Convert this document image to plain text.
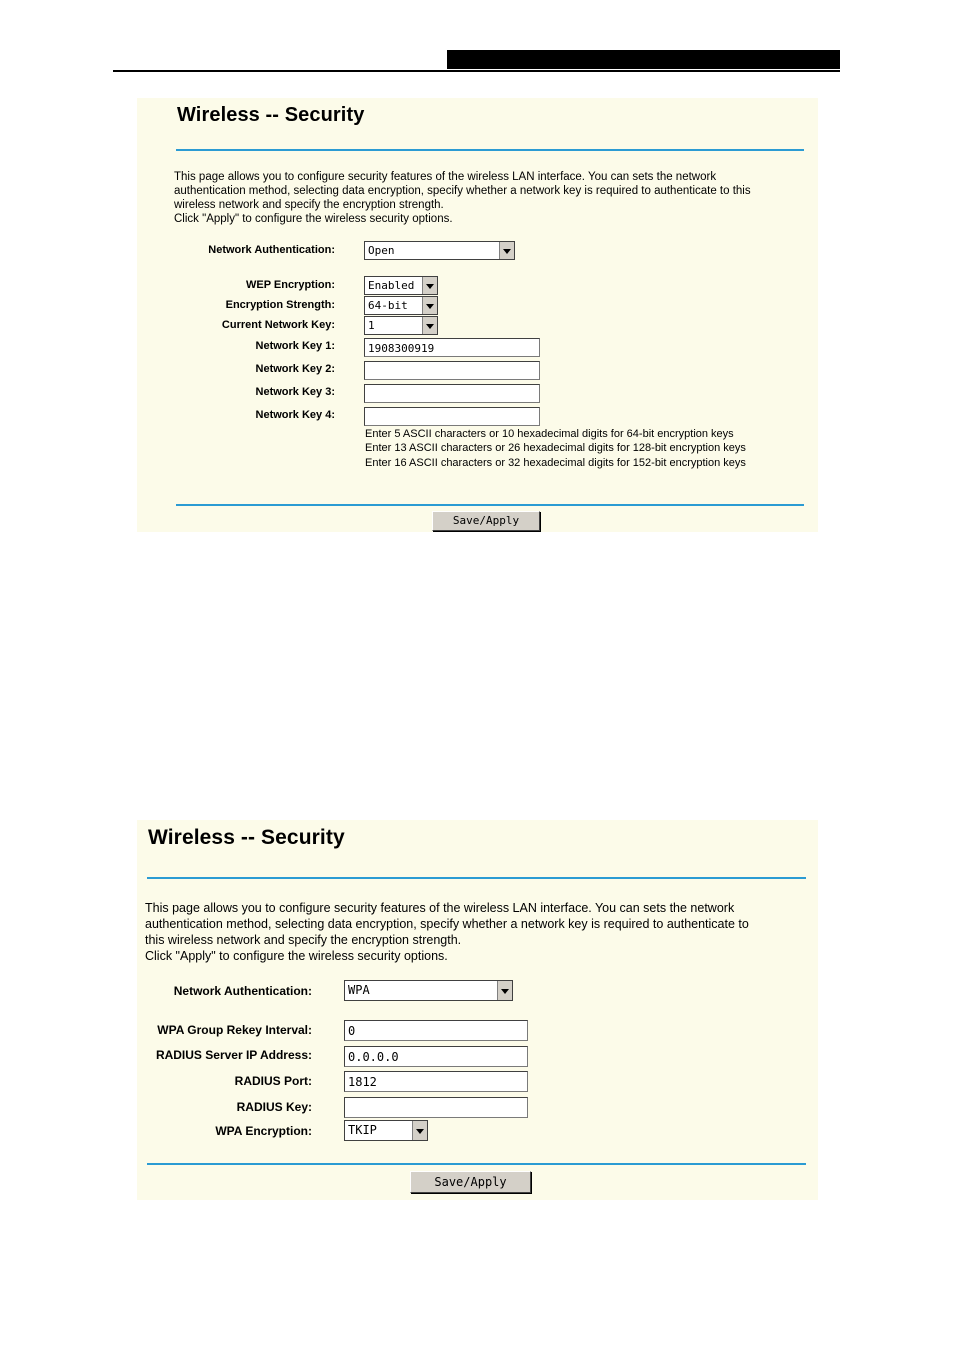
Wireless -- Security
This page allows you to configure security features of the wireless LAN interface. You can sets the network
authentication method, selecting data encryption, specify whether a network key is required to authenticate to this
wireless network and specify the encryption strength.
Click "Apply" to configure the wireless security options.
Network Authentication:	Open
WEP Encryption:	Enabled
Encryption Strength:	64-bit
Current Network Key:	1
Network Key 1:	1908300919
Network Key 2:
Network Key 3:
Network Key 4:
Enter 5 ASCII characters or 10 hexadecimal digits for 64-bit encryption keys
Enter 13 ASCII characters or 26 hexadecimal digits for 128-bit encryption keys
Enter 16 ASCII characters or 32 hexadecimal digits for 152-bit encryption keys
Save/Apply
Wireless -- Security
This page allows you to configure security features of the wireless LAN interface. You can sets the network
authentication method, selecting data encryption, specify whether a network key is required to authenticate to
this wireless network and specify the encryption strength.
Click "Apply" to configure the wireless security options.
Network Authentication:	WPA
WPA Group Rekey Interval:	0
RADIUS Server IP Address:	0.0.0.0
RADIUS Port:	1812
RADIUS Key:
WPA Encryption:	TKIP
Save/Apply
